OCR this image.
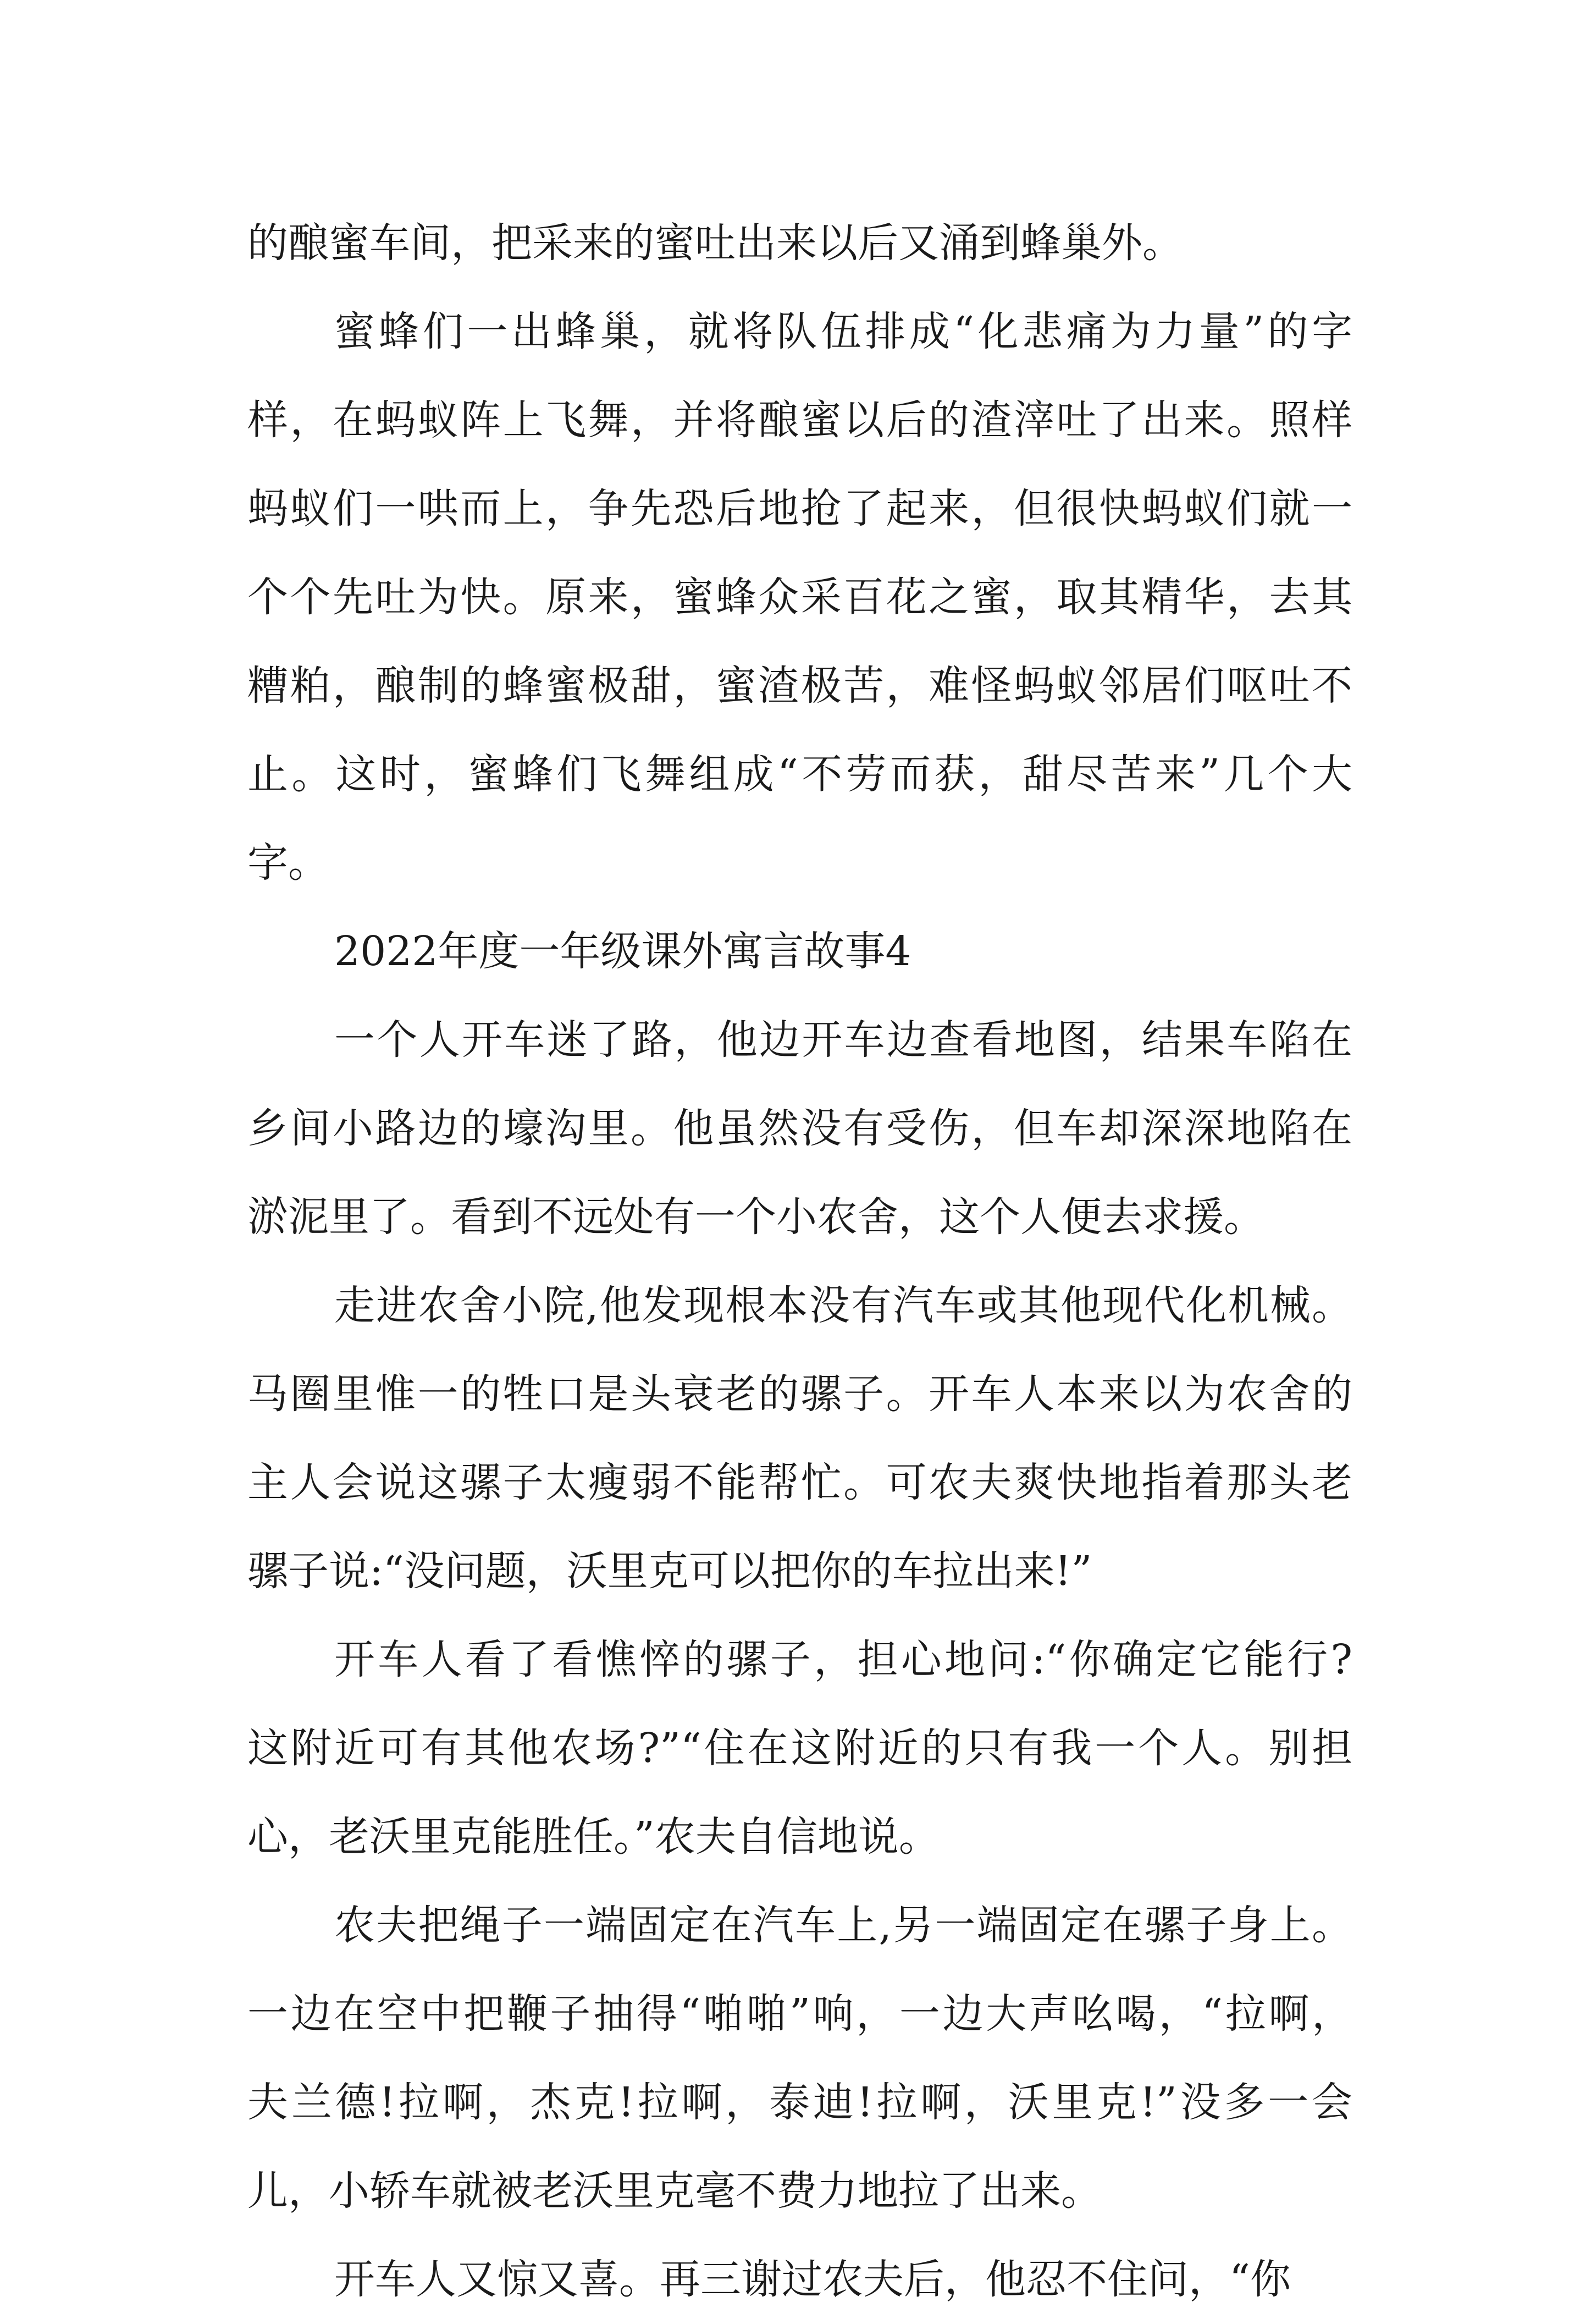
的酿蜜车间，把采来的蜜吐出来以后又涌到蜂巢外。
蜜蜂们一出蜂巢，就将队伍排成“化悲痛为力量”的字
样，在蚂蚁阵上飞舞，并将酿蜜以后的渣滓吐了出来。照样
蚂蚁们一哄而上，争先恐后地抢了起来，但很快蚂蚁们就一
个个先吐为快。原来，蜜蜂众采百花之蜜，取其精华，去其
糟粕，酿制的蜂蜜极甜，蜜渣极苦，难怪蚂蚁邻居们呕吐不
止。这时，蜜蜂们飞舞组成“不劳而获，甜尽苦来”几个大
字。
2022年度一年级课外寓言故事4
一个人开车迷了路，他边开车边查看地图，结果车陷在
乡间小路边的壕沟里。他虽然没有受伤，但车却深深地陷在
淤泥里了。看到不远处有一个小农舍，这个人便去求援。
走进农舍小院,他发现根本没有汽车或其他现代化机械。
马圈里惟一的牲口是头衰老的骡子。开车人本来以为农舍的
主人会说这骡子太瘦弱不能帮忙。可农夫爽快地指着那头老
骡子说:“没问题，沃里克可以把你的车拉出来!”
开车人看了看憔悴的骡子，担心地问:“你确定它能行?
这附近可有其他农场?”“住在这附近的只有我一个人。别担
心，老沃里克能胜任。”农夫自信地说。
农夫把绳子一端固定在汽车上,另一端固定在骡子身上。
一边在空中把鞭子抽得“啪啪”响，一边大声吆喝，“拉啊，
夫兰德!拉啊，杰克!拉啊，泰迪!拉啊，沃里克!”没多一会
儿，小轿车就被老沃里克毫不费力地拉了出来。
开车人又惊又喜。再三谢过农夫后，他忍不住问，“你
